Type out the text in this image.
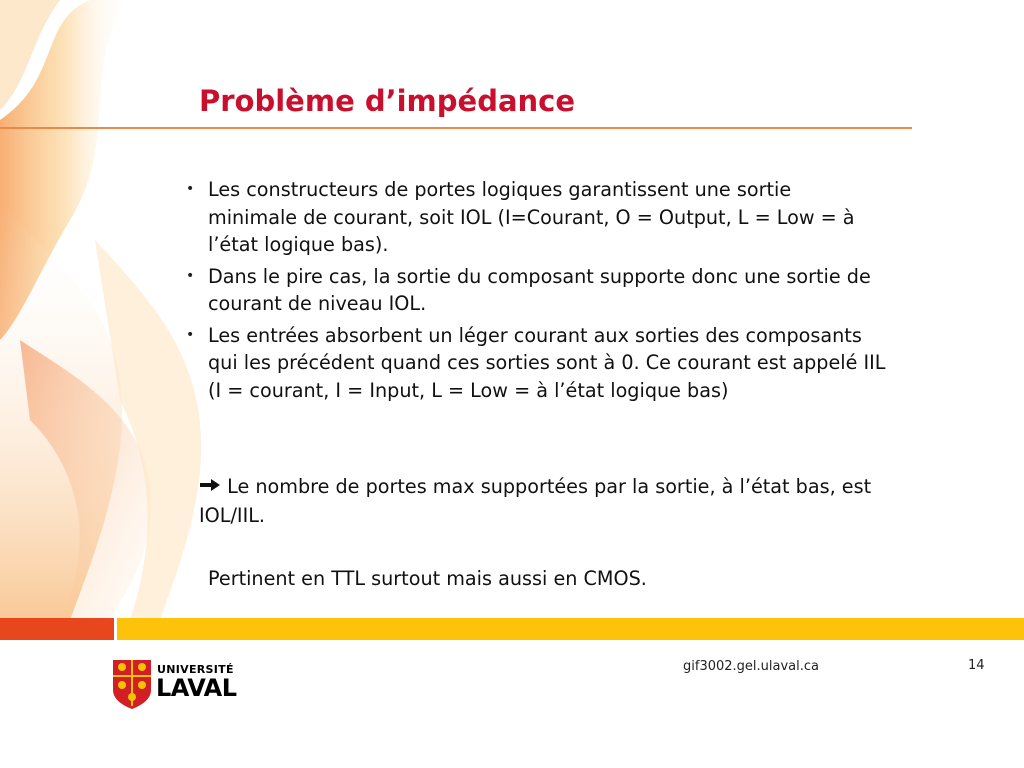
Problème d’impédance
• Les constructeurs de portes logiques garantissent une sortie minimale de courant, soit IOL (I=Courant, O = Output, L = Low = à l’état logique bas).
• Dans le pire cas, la sortie du composant supporte donc une sortie de courant de niveau IOL.
• Les entrées absorbent un léger courant aux sorties des composants qui les précédent quand ces sorties sont à 0. Ce courant est appelé IIL (I = courant, I = Input, L = Low = à l’état logique bas)

Le nombre de portes max supportées par la sortie, à l’état bas, est IOL/IIL.

Pertinent en TTL surtout mais aussi en CMOS.

UNIVERSITÉ
LAVAL
gif3002.gel.ulaval.ca	14
